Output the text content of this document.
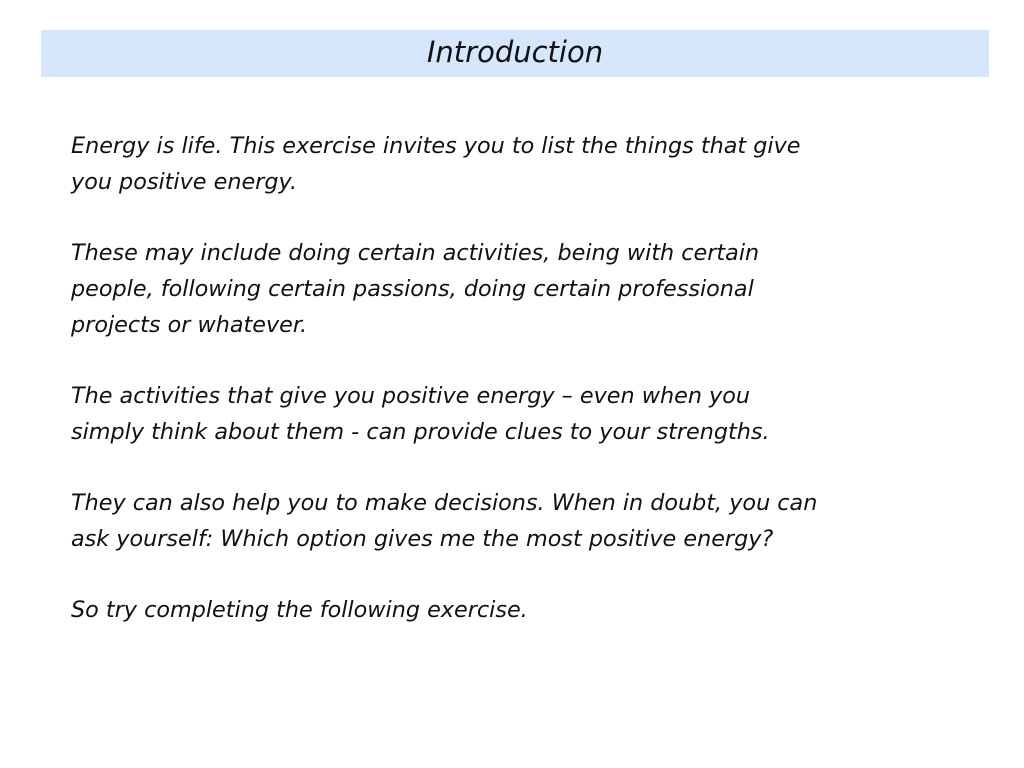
Introduction

Energy is life. This exercise invites you to list the things that give
you positive energy.

These may include doing certain activities, being with certain
people, following certain passions, doing certain professional
projects or whatever.

The activities that give you positive energy – even when you
simply think about them - can provide clues to your strengths.

They can also help you to make decisions. When in doubt, you can
ask yourself: Which option gives me the most positive energy?

So try completing the following exercise.
